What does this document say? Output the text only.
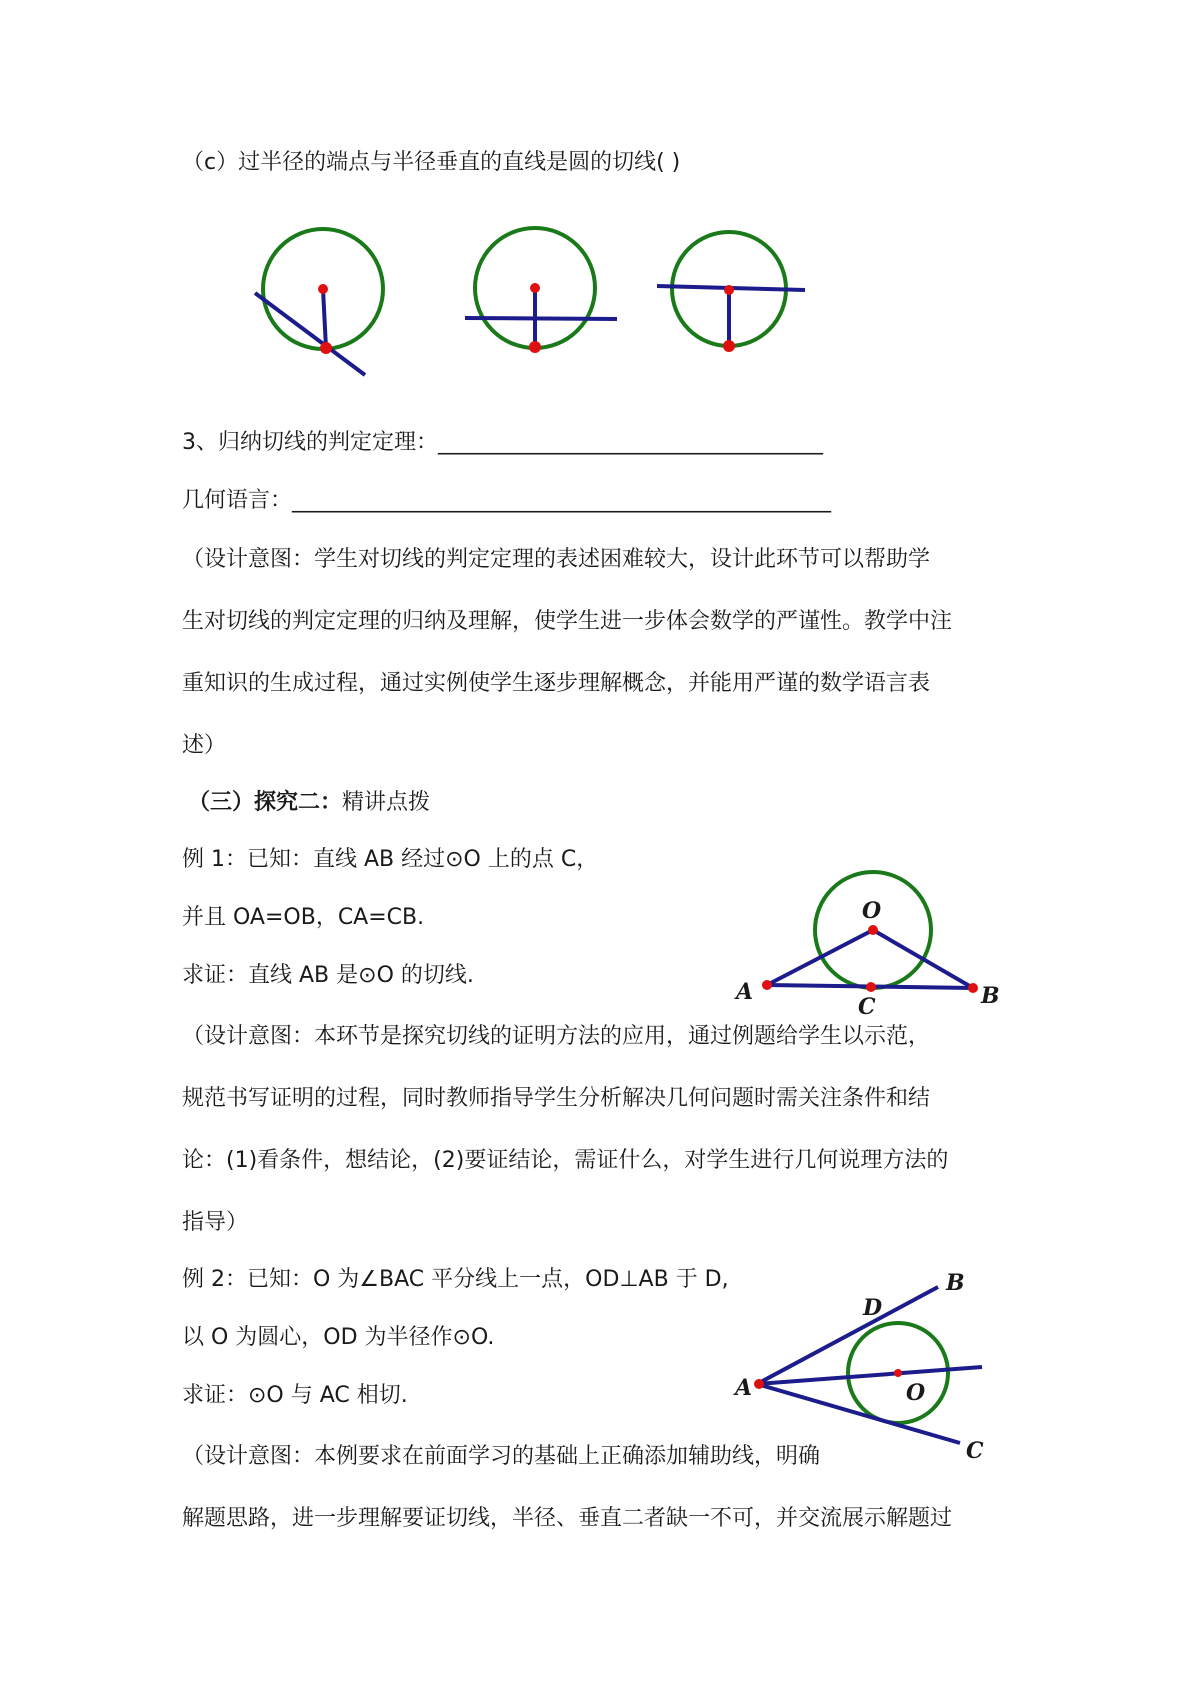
（c）过半径的端点与半径垂直的直线是圆的切线( )
3、归纳切线的判定定理：___________________________________
几何语言：_________________________________________________
（设计意图：学生对切线的判定定理的表述困难较大，设计此环节可以帮助学
生对切线的判定定理的归纳及理解，使学生进一步体会数学的严谨性。教学中注
重知识的生成过程，通过实例使学生逐步理解概念，并能用严谨的数学语言表
述）
（三）探究二：精讲点拨
例 1：已知：直线 AB 经过⊙O 上的点 C，
并且 OA=OB，CA=CB.
求证：直线 AB 是⊙O 的切线.
O
A	B
C
（设计意图：本环节是探究切线的证明方法的应用，通过例题给学生以示范，
规范书写证明的过程，同时教师指导学生分析解决几何问题时需关注条件和结
论：(1)看条件，想结论，(2)要证结论，需证什么，对学生进行几何说理方法的
指导）
例 2：已知：O 为∠BAC 平分线上一点，OD⊥AB 于 D,
以 O 为圆心，OD 为半径作⊙O.
求证：⊙O 与 AC 相切.	A
B
C
D
O
（设计意图：本例要求在前面学习的基础上正确添加辅助线，明确
解题思路，进一步理解要证切线，半径、垂直二者缺一不可，并交流展示解题过
